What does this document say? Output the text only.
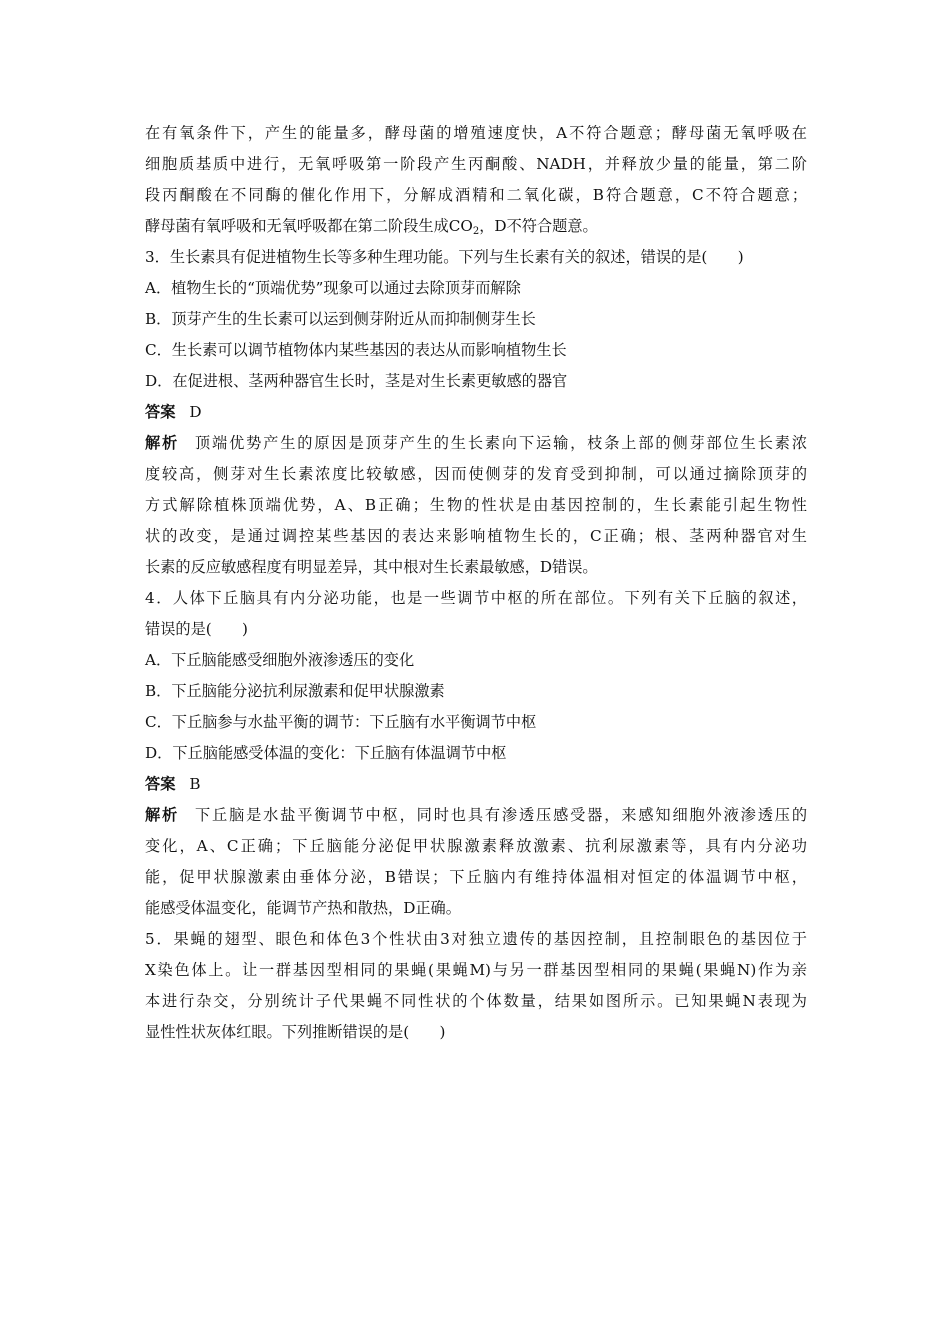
在有氧条件下，产生的能量多，酵母菌的增殖速度快，A不符合题意；酵母菌无氧呼吸在
细胞质基质中进行，无氧呼吸第一阶段产生丙酮酸、NADH，并释放少量的能量，第二阶
段丙酮酸在不同酶的催化作用下，分解成酒精和二氧化碳，B符合题意，C不符合题意；
酵母菌有氧呼吸和无氧呼吸都在第二阶段生成CO2，D不符合题意。
3．生长素具有促进植物生长等多种生理功能。下列与生长素有关的叙述，错误的是(　　)
A．植物生长的“顶端优势”现象可以通过去除顶芽而解除
B．顶芽产生的生长素可以运到侧芽附近从而抑制侧芽生长
C．生长素可以调节植物体内某些基因的表达从而影响植物生长
D．在促进根、茎两种器官生长时，茎是对生长素更敏感的器官
答案 D
解析 顶端优势产生的原因是顶芽产生的生长素向下运输，枝条上部的侧芽部位生长素浓
度较高，侧芽对生长素浓度比较敏感，因而使侧芽的发育受到抑制，可以通过摘除顶芽的
方式解除植株顶端优势，A、B正确；生物的性状是由基因控制的，生长素能引起生物性
状的改变，是通过调控某些基因的表达来影响植物生长的，C正确；根、茎两种器官对生
长素的反应敏感程度有明显差异，其中根对生长素最敏感，D错误。
4．人体下丘脑具有内分泌功能，也是一些调节中枢的所在部位。下列有关下丘脑的叙述，
错误的是(　　)
A．下丘脑能感受细胞外液渗透压的变化
B．下丘脑能分泌抗利尿激素和促甲状腺激素
C．下丘脑参与水盐平衡的调节：下丘脑有水平衡调节中枢
D．下丘脑能感受体温的变化：下丘脑有体温调节中枢
答案 B
解析 下丘脑是水盐平衡调节中枢，同时也具有渗透压感受器，来感知细胞外液渗透压的
变化，A、C正确；下丘脑能分泌促甲状腺激素释放激素、抗利尿激素等，具有内分泌功
能，促甲状腺激素由垂体分泌，B错误；下丘脑内有维持体温相对恒定的体温调节中枢，
能感受体温变化，能调节产热和散热，D正确。
5．果蝇的翅型、眼色和体色3个性状由3对独立遗传的基因控制，且控制眼色的基因位于
X染色体上。让一群基因型相同的果蝇(果蝇M)与另一群基因型相同的果蝇(果蝇N)作为亲
本进行杂交，分别统计子代果蝇不同性状的个体数量，结果如图所示。已知果蝇N表现为
显性性状灰体红眼。下列推断错误的是(　　)
